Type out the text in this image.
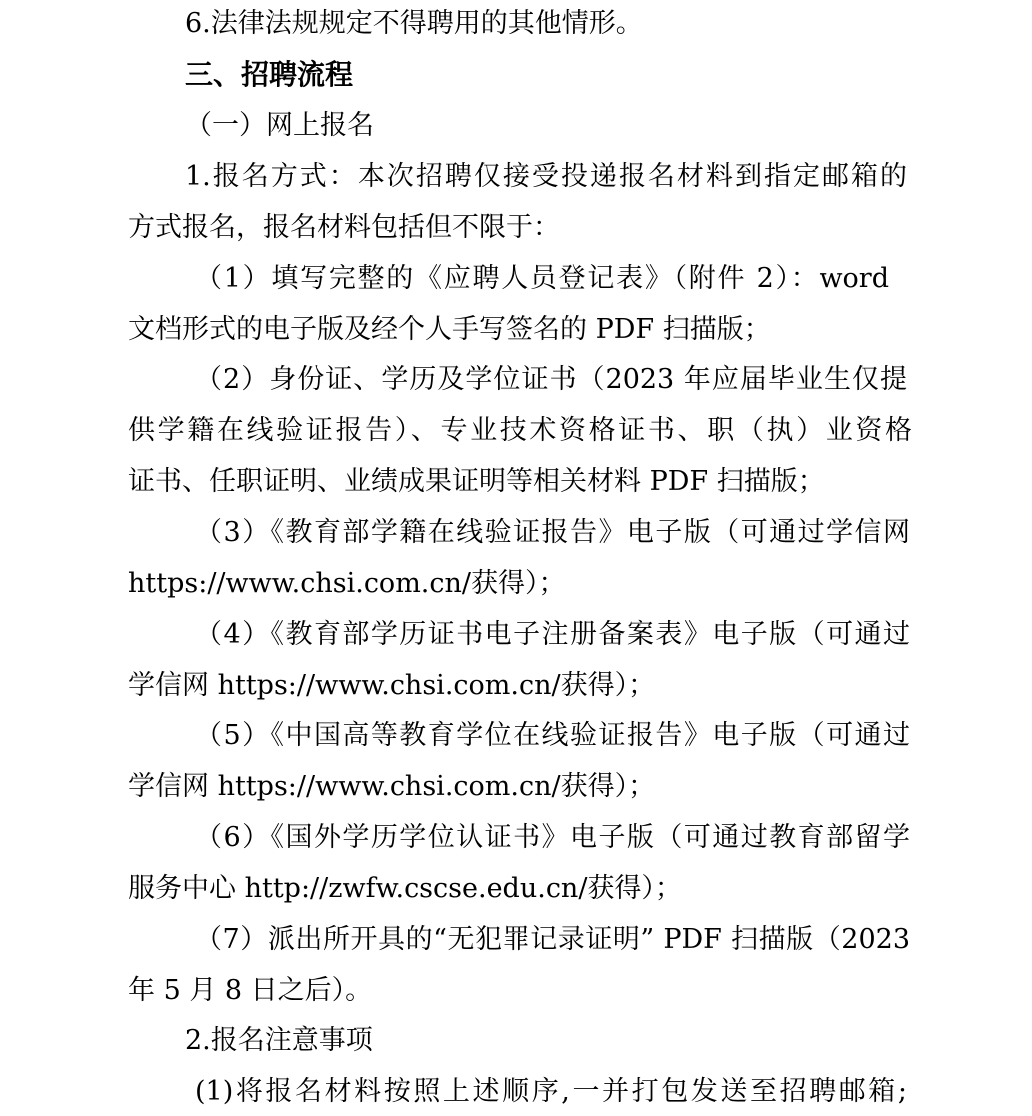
6.法律法规规定不得聘用的其他情形。
三、招聘流程
（一）网上报名
1.报名方式：本次招聘仅接受投递报名材料到指定邮箱的
方式报名，报名材料包括但不限于：
（1）填写完整的《应聘人员登记表》（附件 2）：word
文档形式的电子版及经个人手写签名的 PDF 扫描版；
（2）身份证、学历及学位证书（2023 年应届毕业生仅提
供学籍在线验证报告）、专业技术资格证书、职（执）业资格
证书、任职证明、业绩成果证明等相关材料 PDF 扫描版；
（3）《教育部学籍在线验证报告》电子版（可通过学信网
https://www.chsi.com.cn/获得）；
（4）《教育部学历证书电子注册备案表》电子版（可通过
学信网 https://www.chsi.com.cn/获得）；
（5）《中国高等教育学位在线验证报告》电子版（可通过
学信网 https://www.chsi.com.cn/获得）；
（6）《国外学历学位认证书》电子版（可通过教育部留学
服务中心 http://zwfw.cscse.edu.cn/获得）；
（7）派出所开具的“无犯罪记录证明” PDF 扫描版（2023
年 5 月 8 日之后）。
2.报名注意事项
(1)将报名材料按照上述顺序,一并打包发送至招聘邮箱;
